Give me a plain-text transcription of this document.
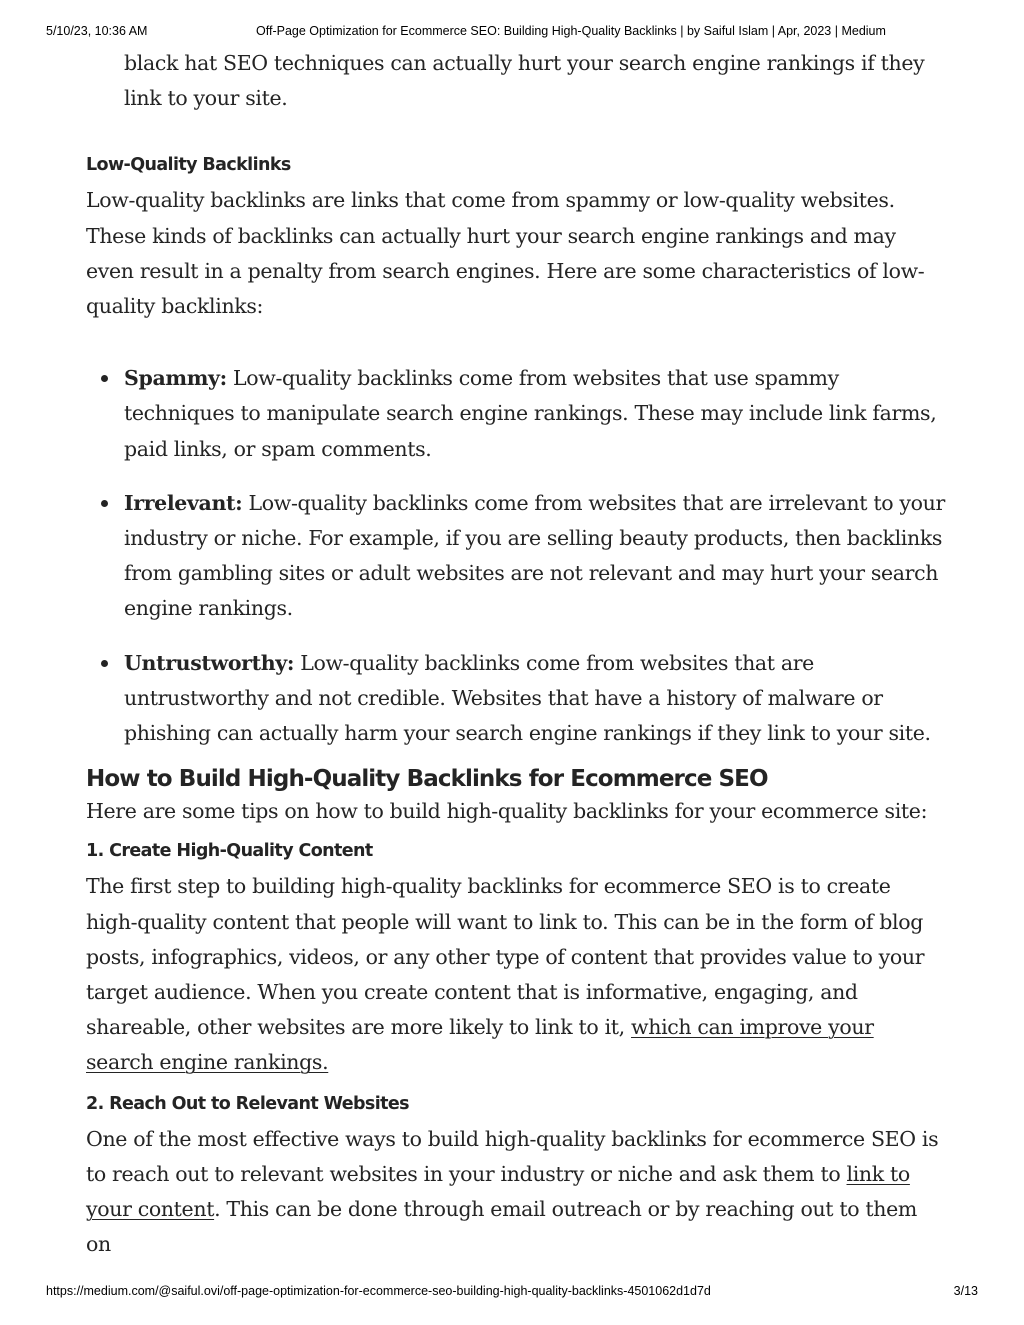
5/10/23, 10:36 AM	Off-Page Optimization for Ecommerce SEO: Building High-Quality Backlinks | by Saiful Islam | Apr, 2023 | Medium

black hat SEO techniques can actually hurt your search engine rankings if they link to your site.

Low-Quality Backlinks

Low-quality backlinks are links that come from spammy or low-quality websites. These kinds of backlinks can actually hurt your search engine rankings and may even result in a penalty from search engines. Here are some characteristics of low-quality backlinks:

Spammy: Low-quality backlinks come from websites that use spammy techniques to manipulate search engine rankings. These may include link farms, paid links, or spam comments.
Irrelevant: Low-quality backlinks come from websites that are irrelevant to your industry or niche. For example, if you are selling beauty products, then backlinks from gambling sites or adult websites are not relevant and may hurt your search engine rankings.
Untrustworthy: Low-quality backlinks come from websites that are untrustworthy and not credible. Websites that have a history of malware or phishing can actually harm your search engine rankings if they link to your site.
How to Build High-Quality Backlinks for Ecommerce SEO

Here are some tips on how to build high-quality backlinks for your ecommerce site:

1. Create High-Quality Content

The first step to building high-quality backlinks for ecommerce SEO is to create high-quality content that people will want to link to. This can be in the form of blog posts, infographics, videos, or any other type of content that provides value to your target audience. When you create content that is informative, engaging, and shareable, other websites are more likely to link to it, which can improve your search engine rankings.

2. Reach Out to Relevant Websites

One of the most effective ways to build high-quality backlinks for ecommerce SEO is to reach out to relevant websites in your industry or niche and ask them to link to your content. This can be done through email outreach or by reaching out to them on

https://medium.com/@saiful.ovi/off-page-optimization-for-ecommerce-seo-building-high-quality-backlinks-4501062d1d7d	3/13
